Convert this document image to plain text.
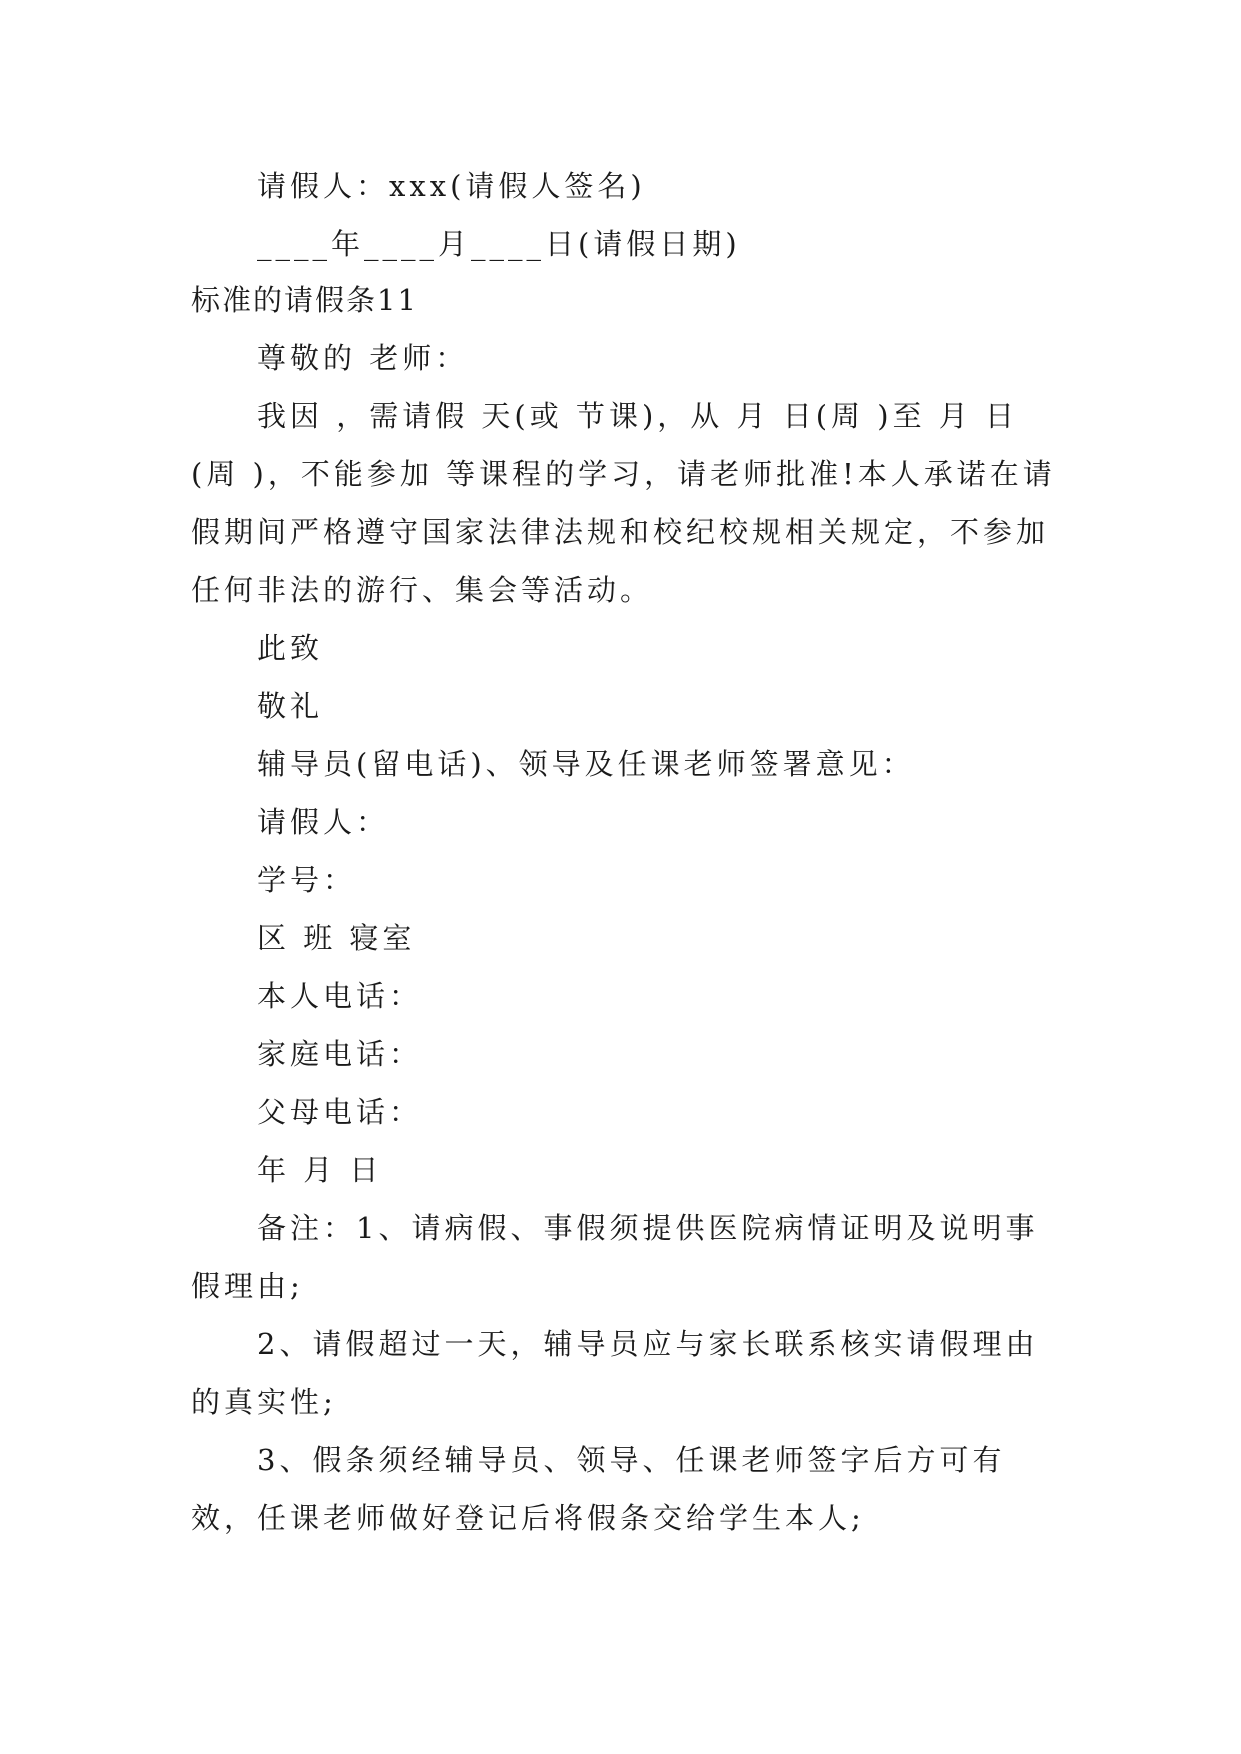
请假人：xxx(请假人签名)

____年____月____日(请假日期)

标准的请假条11

尊敬的 老师：

我因 ，需请假 天(或 节课)，从 月 日(周 )至 月 日(周 )，不能参加 等课程的学习，请老师批准!本人承诺在请假期间严格遵守国家法律法规和校纪校规相关规定，不参加任何非法的游行、集会等活动。

此致

敬礼

辅导员(留电话)、领导及任课老师签署意见：

请假人：

学号：

区 班 寝室

本人电话：

家庭电话：

父母电话：

年 月 日

备注：1、请病假、事假须提供医院病情证明及说明事假理由;

2、请假超过一天，辅导员应与家长联系核实请假理由的真实性;

3、假条须经辅导员、领导、任课老师签字后方可有效，任课老师做好登记后将假条交给学生本人;
